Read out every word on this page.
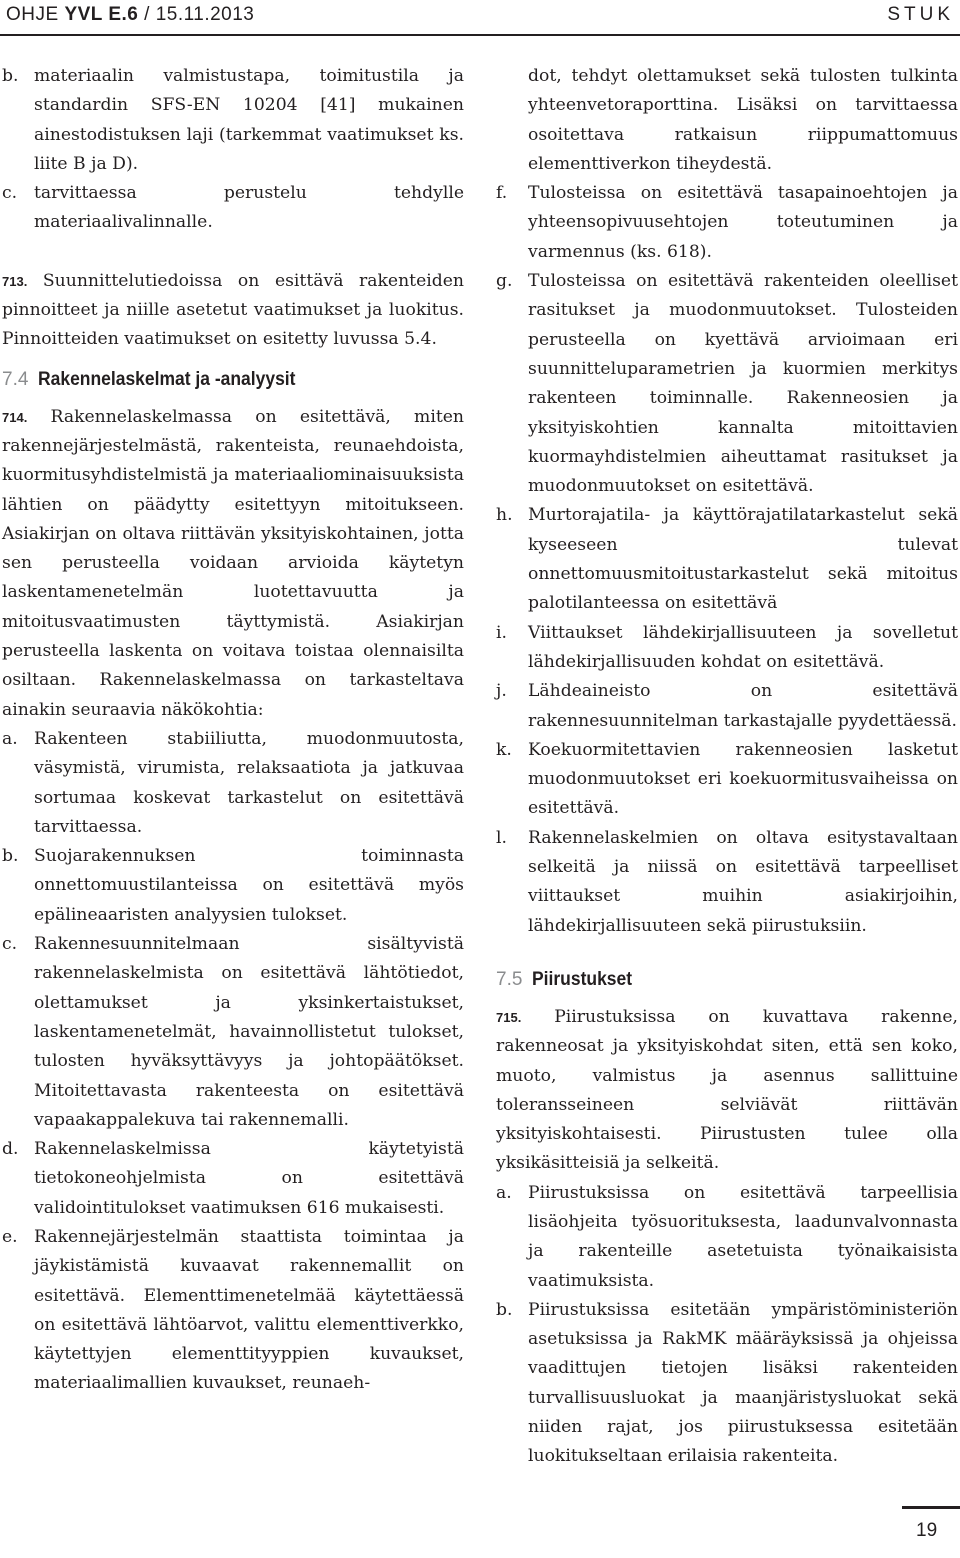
OHJE YVL E.6 / 15.11.2013	STUK
b. materiaalin valmistustapa, toimitustila ja standardin SFS-EN 10204 [41] mukainen ainestodistuksen laji (tarkemmat vaatimukset ks. liite B ja D).
c. tarvittaessa perustelu tehdylle materiaalivalinnalle.
713. Suunnittelutiedoissa on esittävä rakenteiden pinnoitteet ja niille asetetut vaatimukset ja luokitus. Pinnoitteiden vaatimukset on esitetty luvussa 5.4.
7.4 Rakennelaskelmat ja -analyysit
714. Rakennelaskelmassa on esitettävä, miten rakennejärjestelmästä, rakenteista, reunaehdoista, kuormitusyhdistelmistä ja materiaaliominaisuuksista lähtien on päädytty esitettyyn mitoitukseen. Asiakirjan on oltava riittävän yksityiskohtainen, jotta sen perusteella voidaan arvioida käytetyn laskentamenetelmän luotettavuutta ja mitoitusvaatimusten täyttymistä. Asiakirjan perusteella laskenta on voitava toistaa olennaisilta osiltaan. Rakennelaskelmassa on tarkasteltava ainakin seuraavia näkökohtia:
a. Rakenteen stabiiliutta, muodonmuutosta, väsymistä, virumista, relaksaatiota ja jatkuvaa sortumaa koskevat tarkastelut on esitettävä tarvittaessa.
b. Suojarakennuksen toiminnasta onnettomuustilanteissa on esitettävä myös epälineaaristen analyysien tulokset.
c. Rakennesuunnitelmaan sisältyvistä rakennelaskelmista on esitettävä lähtötiedot, olettamukset ja yksinkertaistukset, laskentamenetelmät, havainnollistetut tulokset, tulosten hyväksyttävyys ja johtopäätökset. Mitoitettavasta rakenteesta on esitettävä vapaakappalekuva tai rakennemalli.
d. Rakennelaskelmissa käytetyistä tietokoneohjelmista on esitettävä validointitulokset vaatimuksen 616 mukaisesti.
e. Rakennejärjestelmän staattista toimintaa ja jäykistämistä kuvaavat rakennemallit on esitettävä. Elementtimenetelmää käytettäessä on esitettävä lähtöarvot, valittu elementtiverkko, käytettyjen elementtityyppien kuvaukset, materiaalimallien kuvaukset, reunaeh-
dot, tehdyt olettamukset sekä tulosten tulkinta yhteenvetoraporttina. Lisäksi on tarvittaessa osoitettava ratkaisun riippumattomuus elementtiverkon tiheydestä.
f.	Tulosteissa on esitettävä tasapainoehtojen ja yhteensopivuusehtojen toteutuminen ja varmennus (ks. 618).
g. Tulosteissa on esitettävä rakenteiden oleelliset rasitukset ja muodonmuutokset. Tulosteiden perusteella on kyettävä arvioimaan eri suunnitteluparametrien ja kuormien merkitys rakenteen toiminnalle. Rakenneosien ja yksityiskohtien kannalta mitoittavien kuormayhdistelmien aiheuttamat rasitukset ja muodonmuutokset on esitettävä.
h. Murtorajatila- ja käyttörajatilatarkastelut sekä kyseeseen tulevat onnettomuusmitoitustarkastelut sekä mitoitus palotilanteessa on esitettävä
i.	Viittaukset lähdekirjallisuuteen ja sovelletut lähdekirjallisuuden kohdat on esitettävä.
j.	Lähdeaineisto on esitettävä rakennesuunnitelman tarkastajalle pyydettäessä.
k. Koekuormitettavien rakenneosien lasketut muodonmuutokset eri koekuormitusvaiheissa on esitettävä.
l.	Rakennelaskelmien on oltava esitystavaltaan selkeitä ja niissä on esitettävä tarpeelliset viittaukset muihin asiakirjoihin, lähdekirjallisuuteen sekä piirustuksiin.
7.5 Piirustukset
715. Piirustuksissa on kuvattava rakenne, rakenneosat ja yksityiskohdat siten, että sen koko, muoto, valmistus ja asennus sallittuine toleransseineen selviävät riittävän yksityiskohtaisesti. Piirustusten tulee olla yksikäsitteisiä ja selkeitä.
a. Piirustuksissa on esitettävä tarpeellisia lisäohjeita työsuorituksesta, laadunvalvonnasta ja rakenteille asetetuista työnaikaisista vaatimuksista.
b. Piirustuksissa esitetään ympäristöministeriön asetuksissa ja RakMK määräyksissä ja ohjeissa vaadittujen tietojen lisäksi rakenteiden turvallisuusluokat ja maanjäristysluokat sekä niiden rajat, jos piirustuksessa esitetään luokitukseltaan erilaisia rakenteita.
19
